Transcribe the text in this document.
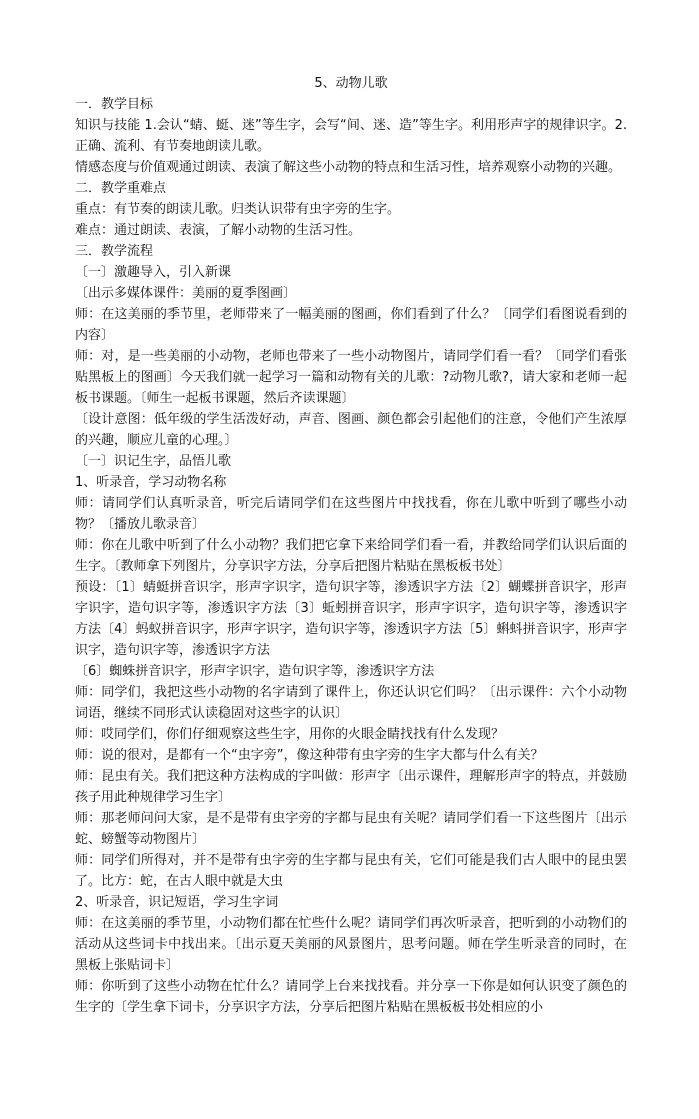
5、动物儿歌

一．教学目标

知识与技能 1.会认“蜻、蜓、迷”等生字，会写“间、迷、造”等生字。利用形声字的规律识字。2.正确、流利、有节奏地朗读儿歌。

情感态度与价值观通过朗读、表演了解这些小动物的特点和生活习性，培养观察小动物的兴趣。

二．教学重难点

重点：有节奏的朗读儿歌。归类认识带有虫字旁的生字。

难点：通过朗读、表演，了解小动物的生活习性。

三．教学流程

〔一〕激趣导入，引入新课

〔出示多媒体课件：美丽的夏季图画〕

师：在这美丽的季节里，老师带来了一幅美丽的图画，你们看到了什么？〔同学们看图说看到的内容〕

师：对，是一些美丽的小动物，老师也带来了一些小动物图片，请同学们看一看？〔同学们看张贴黑板上的图画〕今天我们就一起学习一篇和动物有关的儿歌：?动物儿歌?，请大家和老师一起板书课题。〔师生一起板书课题，然后齐读课题〕

〔设计意图：低年级的学生活泼好动，声音、图画、颜色都会引起他们的注意，令他们产生浓厚的兴趣，顺应儿童的心理。〕

〔一〕识记生字，品悟儿歌

1、听录音，学习动物名称

师：请同学们认真听录音，听完后请同学们在这些图片中找找看，你在儿歌中听到了哪些小动物？〔播放儿歌录音〕

师：你在儿歌中听到了什么小动物？我们把它拿下来给同学们看一看，并教给同学们认识后面的生字。〔教师拿下列图片，分享识字方法，分享后把图片粘贴在黑板板书处〕

预设：〔1〕蜻蜓拼音识字，形声字识字，造句识字等，渗透识字方法〔2〕蝴蝶拼音识字，形声字识字，造句识字等，渗透识字方法〔3〕蚯蚓拼音识字，形声字识字，造句识字等，渗透识字方法〔4〕蚂蚁拼音识字，形声字识字，造句识字等，渗透识字方法〔5〕蝌蚪拼音识字，形声字识字，造句识字等，渗透识字方法

〔6〕蜘蛛拼音识字，形声字识字，造句识字等，渗透识字方法

师：同学们，我把这些小动物的名字请到了课件上，你还认识它们吗？〔出示课件：六个小动物词语，继续不同形式认读稳固对这些字的认识〕

师：哎同学们，你们仔细观察这些生字，用你的火眼金睛找找有什么发现？

师：说的很对，是都有一个“虫字旁”，像这种带有虫字旁的生字大都与什么有关？

师：昆虫有关。我们把这种方法构成的字叫做：形声字〔出示课件，理解形声字的特点，并鼓励孩子用此种规律学习生字〕

师：那老师问问大家，是不是带有虫字旁的字都与昆虫有关呢？请同学们看一下这些图片〔出示蛇、螃蟹等动物图片〕

师：同学们所得对，并不是带有虫字旁的生字都与昆虫有关，它们可能是我们古人眼中的昆虫罢了。比方：蛇，在古人眼中就是大虫

2、听录音，识记短语，学习生字词

师：在这美丽的季节里，小动物们都在忙些什么呢？请同学们再次听录音，把听到的小动物们的活动从这些词卡中找出来。〔出示夏天美丽的风景图片，思考问题。师在学生听录音的同时，在黑板上张贴词卡〕

师：你听到了这些小动物在忙什么？请同学上台来找找看。并分享一下你是如何认识变了颜色的生字的〔学生拿下词卡，分享识字方法，分享后把图片粘贴在黑板板书处相应的小
